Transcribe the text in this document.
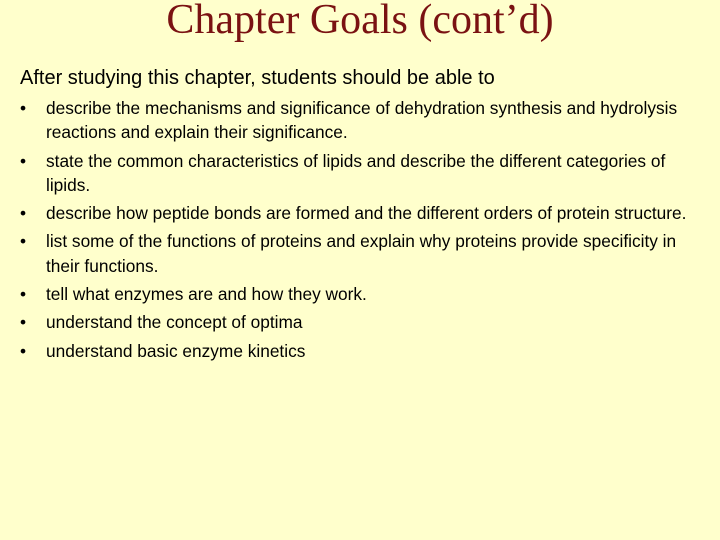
Chapter Goals (cont’d)
After studying this chapter, students should be able to
•	describe the mechanisms and significance of dehydration synthesis and hydrolysis reactions and explain their significance.
•	state the common characteristics of lipids and describe the different categories of lipids.
•	describe how peptide bonds are formed and the different orders of protein structure.
•	list some of the functions of proteins and explain why proteins provide specificity in their functions.
•	tell what enzymes are and how they work.
•	understand the concept of optima
•	understand basic enzyme kinetics
